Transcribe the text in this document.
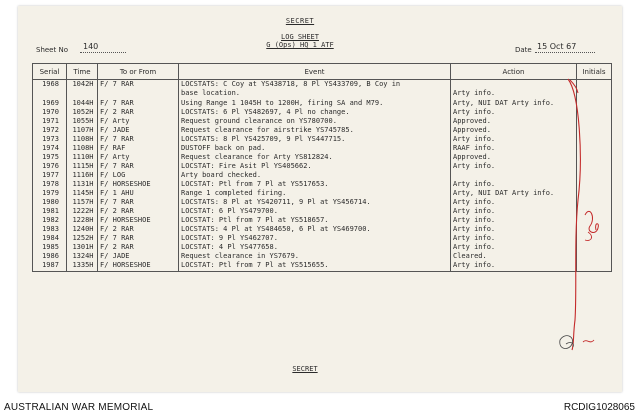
SECRET
LOG SHEET
G (Ops) HQ 1 ATF
Sheet No 140	Date 15 Oct 67
Serial	Time	To or From	Event	Action	Initials
1968	1042H	F/ 7 RAR	LOCSTATS: C Coy at YS438718, 8 Pl YS433709, B Coy in
base location.	Arty info.	

1969	1044H	F/ 7 RAR	Using Range 1 1045H to 1200H, firing SA and M79.	Arty, NUI DAT Arty info.	
1970	1052H	F/ 2 RAR	LOCSTATS: 6 Pl YS482697, 4 Pl no change.	Arty info.	
1971	1055H	F/ Arty	Request ground clearance on YS780700.	Approved.	
1972	1107H	F/ JADE	Request clearance for airstrike YS745785.	Approved.	
1973	1108H	F/ 7 RAR	LOCSTATS: 8 Pl YS425709, 9 Pl YS447715.	Arty info.	
1974	1108H	F/ RAF	DUSTOFF back on pad.	RAAF info.	
1975	1110H	F/ Arty	Request clearance for Arty YS812824.	Approved.	
1976	1115H	F/ 7 RAR	LOCSTAT: Fire Asit Pl YS405662.	Arty info.	
1977	1116H	F/ LOG	Arty board checked.		
1978	1131H	F/ HORSESHOE	LOCSTAT: Ptl from 7 Pl at YS517653.	Arty info.	
1979	1145H	F/ 1 AHU	Range 1 completed firing.	Arty, NUI DAT Arty info.	
1980	1157H	F/ 7 RAR	LOCSTATS: 8 Pl at YS420711, 9 Pl at YS456714.	Arty info.	
1981	1222H	F/ 2 RAR	LOCSTAT: 6 Pl YS479700.	Arty info.	
1982	1228H	F/ HORSESHOE	LOCSTAT: Ptl from 7 Pl at YS518657.	Arty info.	
1983	1240H	F/ 2 RAR	LOCSTATS: 4 Pl at YS484650, 6 Pl at YS469700.	Arty info.	
1984	1252H	F/ 7 RAR	LOCSTAT: 9 Pl YS462707.	Arty info.	
1985	1301H	F/ 2 RAR	LOCSTAT: 4 Pl YS477658.	Arty info.	
1986	1324H	F/ JADE	Request clearance in YS7679.	Cleared.	
1987	1335H	F/ HORSESHOE	LOCSTAT: Ptl from 7 Pl at YS515655.	Arty info.	
SECRET
AUSTRALIAN WAR MEMORIAL	RCDIG1028065
